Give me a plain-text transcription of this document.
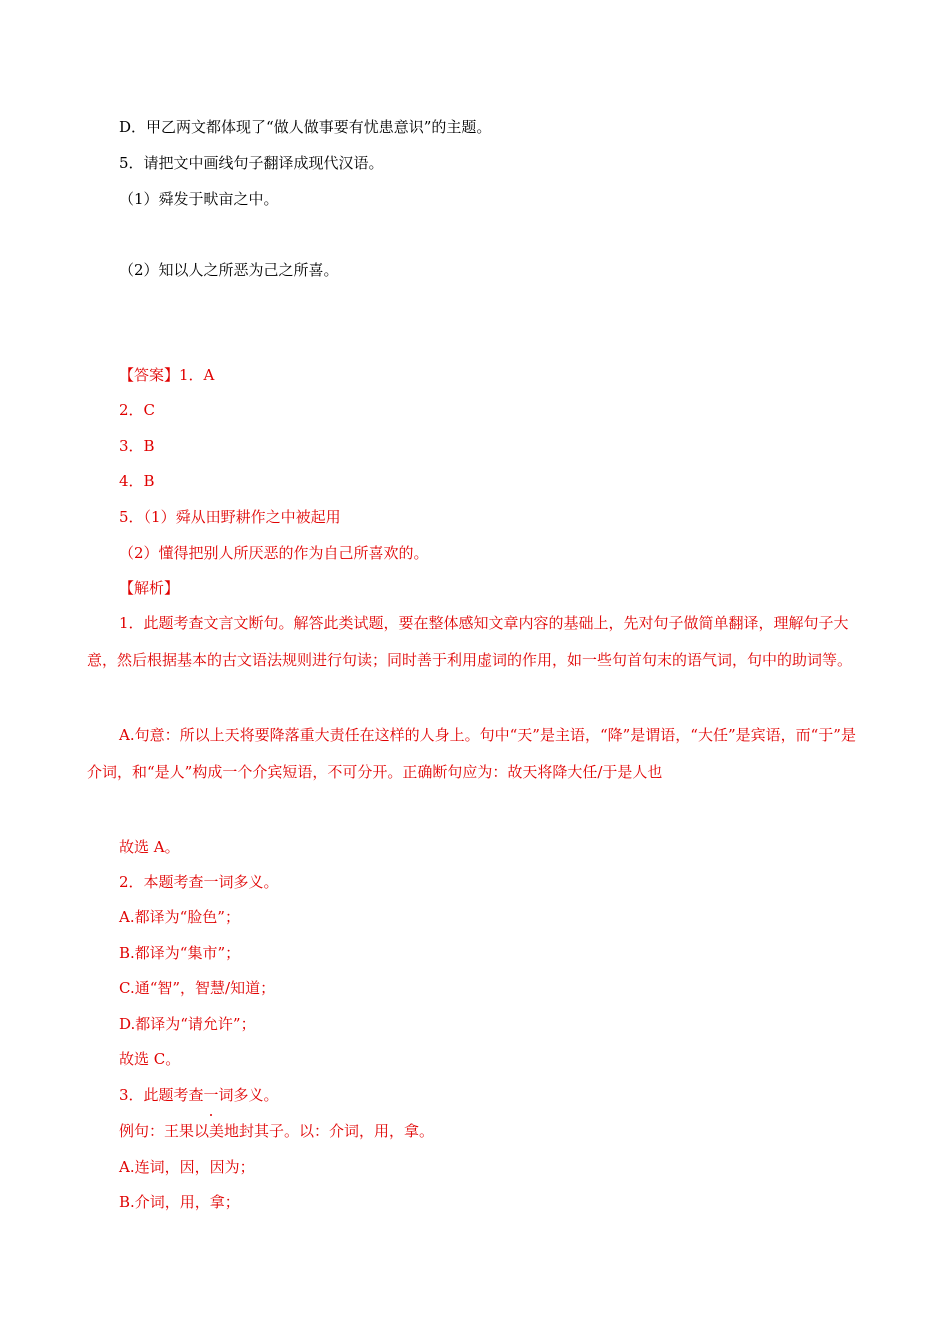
D．甲乙两文都体现了“做人做事要有忧患意识”的主题。
5．请把文中画线句子翻译成现代汉语。
（1）舜发于畎亩之中。
（2）知以人之所恶为己之所喜。
【答案】1．A
2．C
3．B
4．B
5．（1）舜从田野耕作之中被起用
（2）懂得把别人所厌恶的作为自己所喜欢的。
【解析】
1．此题考查文言文断句。解答此类试题，要在整体感知文章内容的基础上，先对句子做简单翻译，理解句子大意，然后根据基本的古文语法规则进行句读；同时善于利用虚词的作用，如一些句首句末的语气词，句中的助词等。
A.句意：所以上天将要降落重大责任在这样的人身上。句中“天”是主语，“降”是谓语，“大任”是宾语，而“于”是介词，和“是人”构成一个介宾短语，不可分开。正确断句应为：故天将降大任/于是人也
故选 A。
2．本题考查一词多义。
A.都译为“脸色”；
B.都译为“集市”；
C.通“智”，智慧/知道；
D.都译为“请允许”；
故选 C。
3．此题考查一词多义。
例句：王果以美地封其子。以：介词，用，拿。
A.连词，因，因为；
B.介词，用，拿；
